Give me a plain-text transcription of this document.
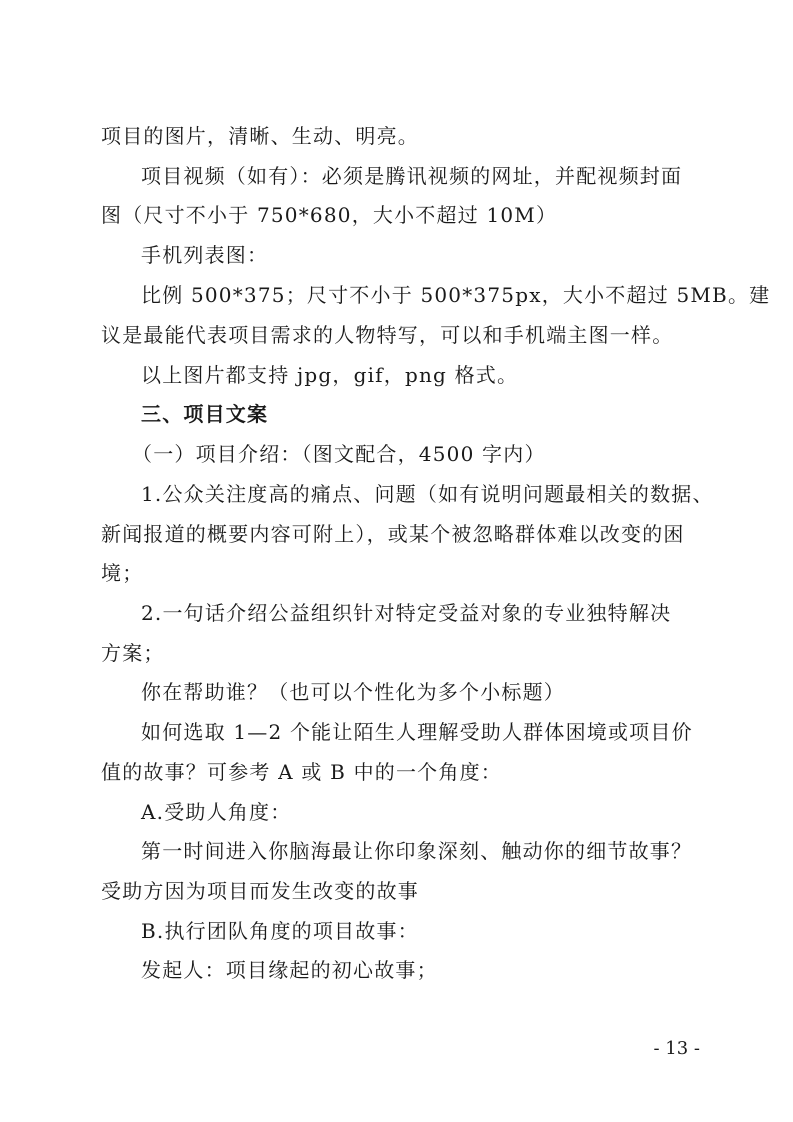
项目的图片，清晰、生动、明亮。
项目视频（如有）：必须是腾讯视频的网址，并配视频封面
图（尺寸不小于 750*680，大小不超过 10M）
手机列表图：
比例 500*375；尺寸不小于 500*375px，大小不超过 5MB。建
议是最能代表项目需求的人物特写，可以和手机端主图一样。
以上图片都支持 jpg，gif，png 格式。
三、项目文案
（一）项目介绍：（图文配合，4500 字内）
1.公众关注度高的痛点、问题（如有说明问题最相关的数据、
新闻报道的概要内容可附上），或某个被忽略群体难以改变的困
境；
2.一句话介绍公益组织针对特定受益对象的专业独特解决
方案；
你在帮助谁？（也可以个性化为多个小标题）
如何选取 1—2 个能让陌生人理解受助人群体困境或项目价
值的故事？可参考 A 或 B 中的一个角度：
A.受助人角度：
第一时间进入你脑海最让你印象深刻、触动你的细节故事？
受助方因为项目而发生改变的故事
B.执行团队角度的项目故事：
发起人：项目缘起的初心故事；
- 13 -
